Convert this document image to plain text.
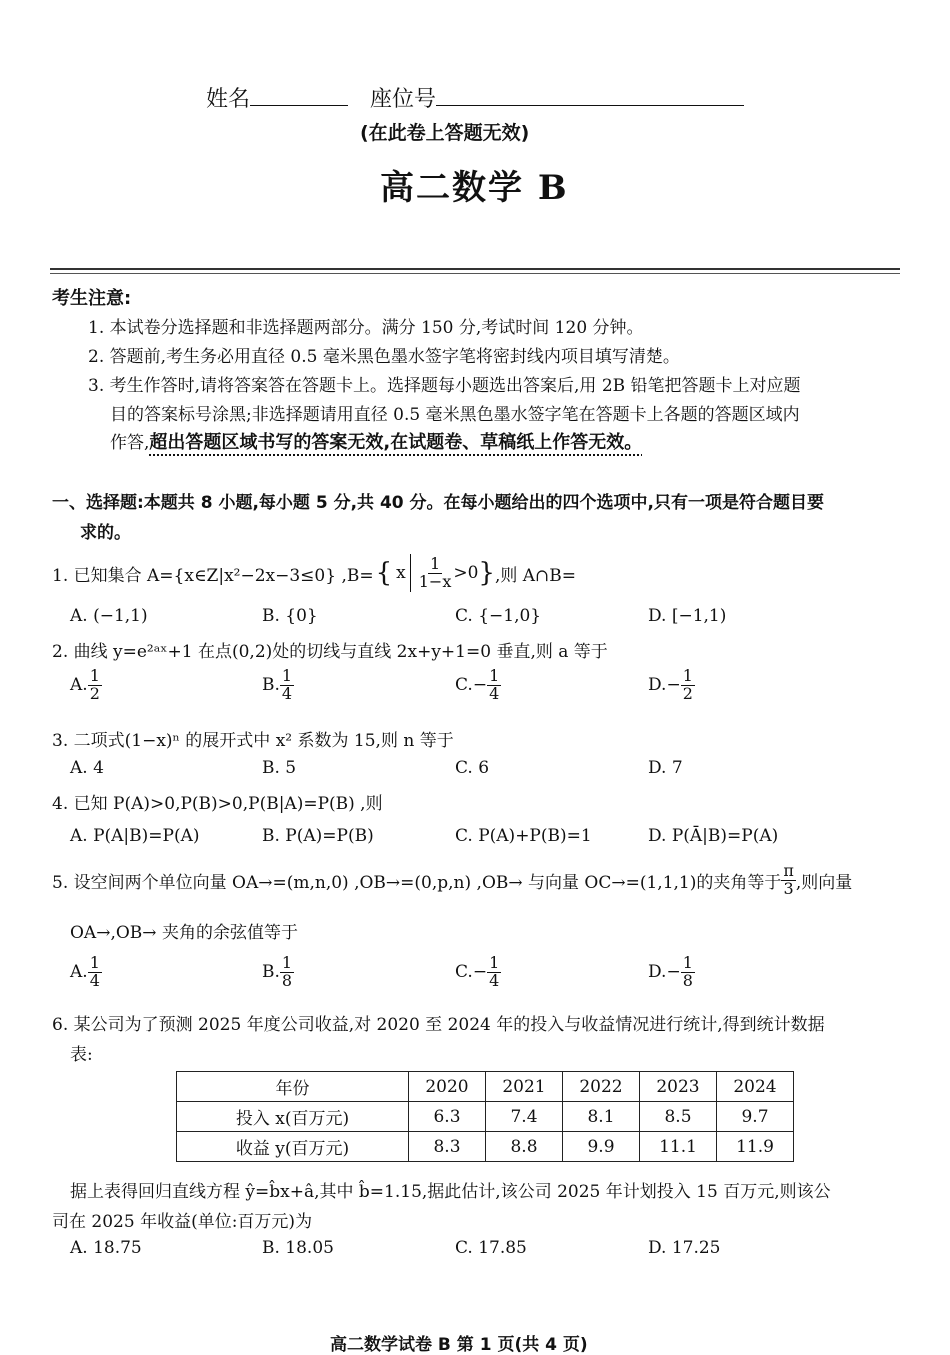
姓名	座位号
(在此卷上答题无效)
高二数学 B
考生注意:
1. 本试卷分选择题和非选择题两部分。满分 150 分,考试时间 120 分钟。
2. 答题前,考生务必用直径 0.5 毫米黑色墨水签字笔将密封线内项目填写清楚。
3. 考生作答时,请将答案答在答题卡上。选择题每小题选出答案后,用 2B 铅笔把答题卡上对应题
目的答案标号涂黑;非选择题请用直径 0.5 毫米黑色墨水签字笔在答题卡上各题的答题区域内
作答,超出答题区域书写的答案无效,在试题卷、草稿纸上作答无效。
一、选择题:本题共 8 小题,每小题 5 分,共 40 分。在每小题给出的四个选项中,只有一项是符合题目要
求的。
1. 已知集合 A={x∈Z|x²−2x−3≤0} ,B= { x $\frac{1}{1-x} >0$ } ,则 A∩B=
A. (−1,1)	B. {0}	C. {−1,0}	D. [−1,1)
2. 曲线 y=e²ᵃˣ+1 在点(0,2)处的切线与直线 2x+y+1=0 垂直,则 a 等于
A. $\frac{1}{2}$	B. $\frac{1}{4}$	$C.- \frac{1}{4}$	$D.- \frac{1}{2}$
3. 二项式(1−x)ⁿ 的展开式中 x² 系数为 15,则 n 等于
A. 4	B. 5	C. 6	D. 7
4. 已知 P(A)>0,P(B)>0,P(B|A)=P(B) ,则
A. P(A|B)=P(A)	B. P(A)=P(B)	C. P(A)+P(B)=1	D. P(Ā|B)=P(A)
5. 设空间两个单位向量 OA→=(m,n,0) ,OB→=(0,p,n) ,OB→ 与向量 OC→=(1,1,1)的夹角等于 $\frac{\pi}{3}$ ,则向量
OA→,OB→ 夹角的余弦值等于
A. $\frac{1}{4}$	B. $\frac{1}{8}$	$C.- \frac{1}{4}$	$D.- \frac{1}{8}$
6. 某公司为了预测 2025 年度公司收益,对 2020 至 2024 年的投入与收益情况进行统计,得到统计数据
表:
年份	2020	2021	2022	2023	2024
投入 x(百万元)	6.3	7.4	8.1	8.5	9.7
收益 y(百万元)	8.3	8.8	9.9	11.1	11.9
据上表得回归直线方程 ŷ=b̂x+â,其中 b̂=1.15,据此估计,该公司 2025 年计划投入 15 百万元,则该公
司在 2025 年收益(单位:百万元)为
A. 18.75	B. 18.05	C. 17.85	D. 17.25
高二数学试卷 B 第 1 页(共 4 页)
